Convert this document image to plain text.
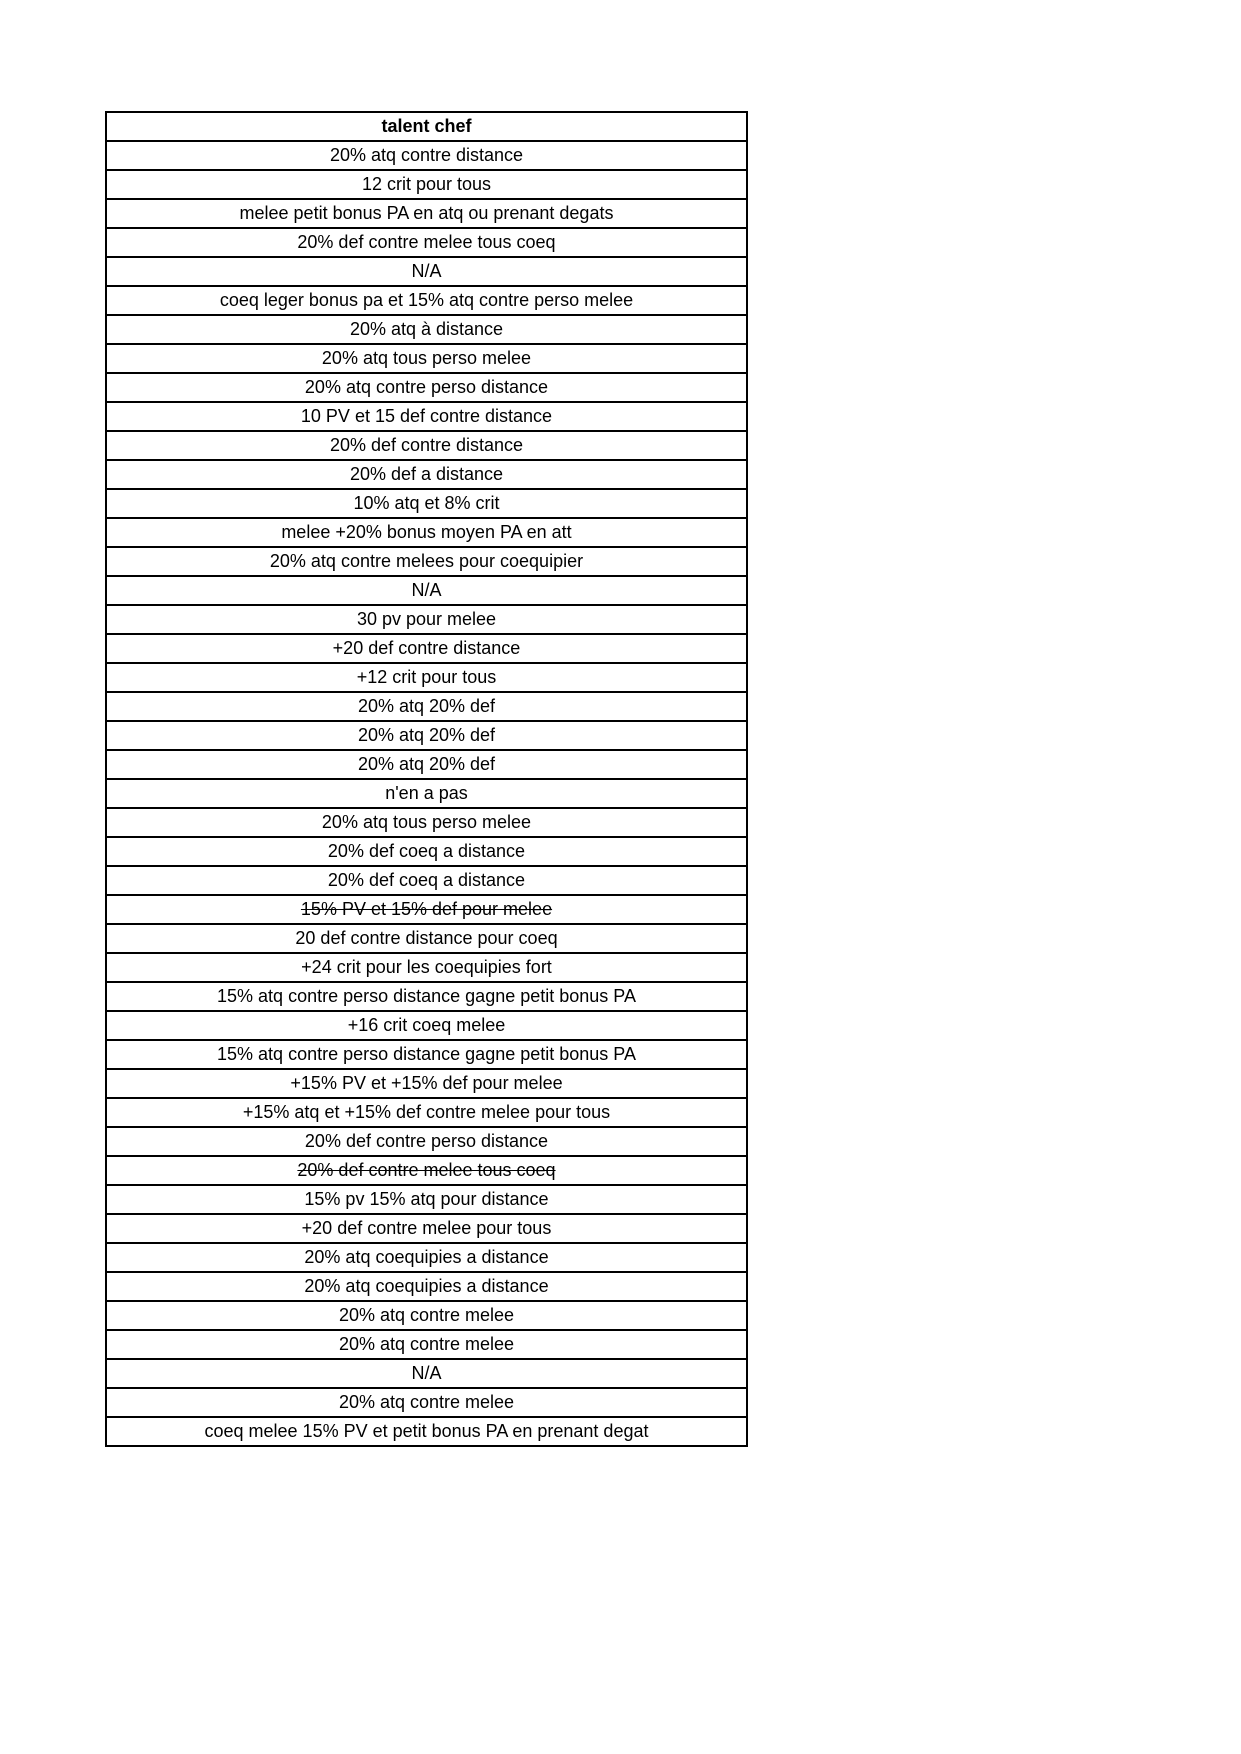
talent chef
20% atq contre distance
12 crit pour tous
melee petit bonus PA en atq ou prenant degats
20% def contre melee tous coeq
N/A
coeq leger bonus pa et 15% atq contre perso melee
20% atq à distance
20% atq tous perso melee
20% atq contre perso distance
10 PV et 15 def contre distance
20% def contre distance
20% def a distance
10% atq et 8% crit
melee +20% bonus moyen PA en att
20% atq contre melees pour coequipier
N/A
30 pv pour melee
+20 def contre distance
+12 crit pour tous
20% atq 20% def
20% atq 20% def
20% atq 20% def
n'en a pas
20% atq tous perso melee
20% def coeq a distance
20% def coeq a distance
15% PV et 15% def pour melee
20 def contre distance pour coeq
+24 crit pour les coequipies fort
15% atq contre perso distance gagne petit bonus PA
+16 crit coeq melee
15% atq contre perso distance gagne petit bonus PA
+15% PV et +15% def pour melee
+15% atq et +15% def contre melee pour tous
20% def contre perso distance
20% def contre melee tous coeq
15% pv 15% atq pour distance
+20 def contre melee pour tous
20% atq coequipies a distance
20% atq coequipies a distance
20% atq contre melee
20% atq contre melee
N/A
20% atq contre melee
coeq melee 15% PV et petit bonus PA en prenant degat
